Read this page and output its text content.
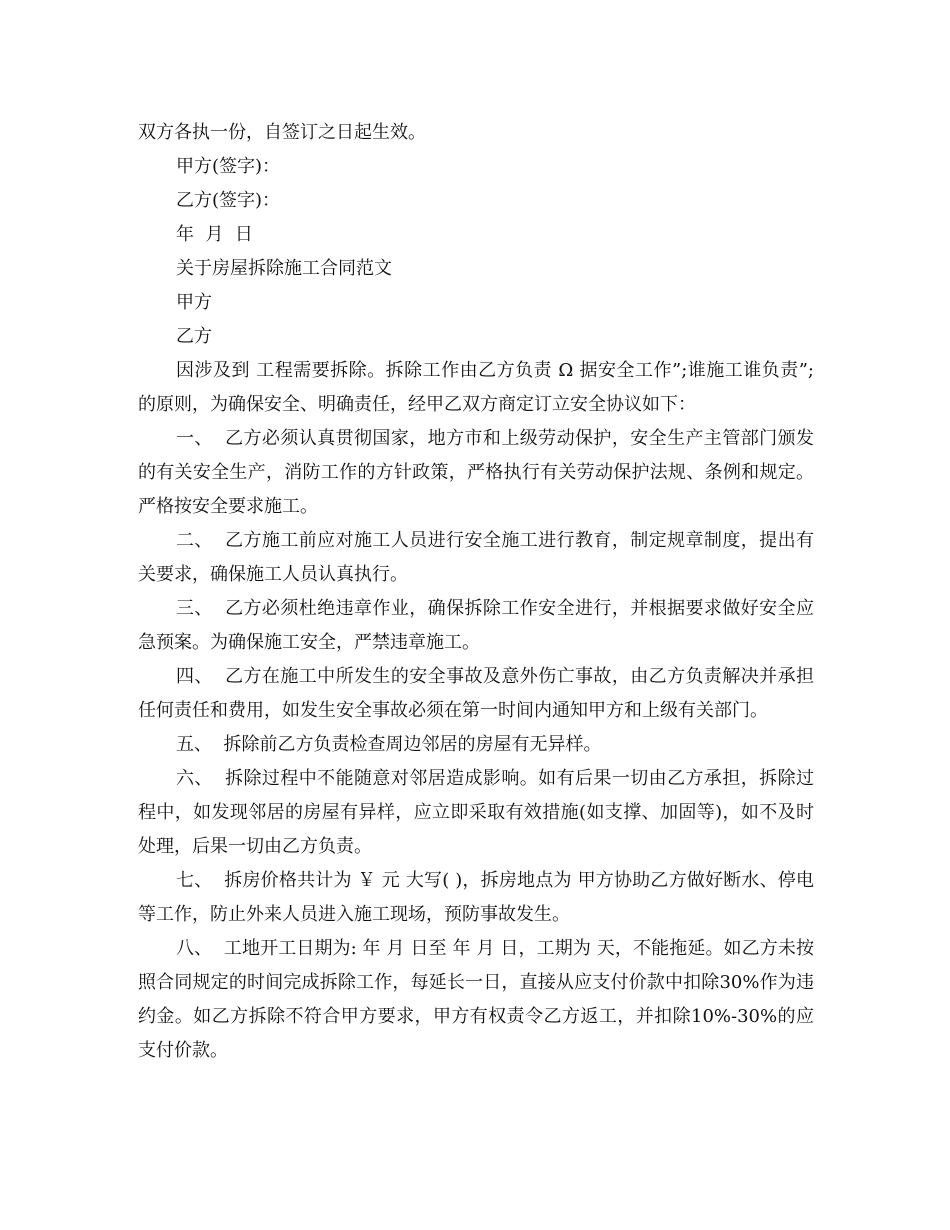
双方各执一份，自签订之日起生效。

甲方(签字)：

乙方(签字)：

年  月  日

关于房屋拆除施工合同范文

甲方

乙方

因涉及到 工程需要拆除。拆除工作由乙方负责 Ω 据安全工作”;谁施工谁负责”;的原则，为确保安全、明确责任，经甲乙双方商定订立安全协议如下：

一、  乙方必须认真贯彻国家，地方市和上级劳动保护，安全生产主管部门颁发的有关安全生产，消防工作的方针政策，严格执行有关劳动保护法规、条例和规定。严格按安全要求施工。

二、  乙方施工前应对施工人员进行安全施工进行教育，制定规章制度，提出有关要求，确保施工人员认真执行。

三、  乙方必须杜绝违章作业，确保拆除工作安全进行，并根据要求做好安全应急预案。为确保施工安全，严禁违章施工。

四、  乙方在施工中所发生的安全事故及意外伤亡事故，由乙方负责解决并承担任何责任和费用，如发生安全事故必须在第一时间内通知甲方和上级有关部门。

五、  拆除前乙方负责检查周边邻居的房屋有无异样。

六、  拆除过程中不能随意对邻居造成影响。如有后果一切由乙方承担，拆除过程中，如发现邻居的房屋有异样，应立即采取有效措施(如支撑、加固等)，如不及时处理，后果一切由乙方负责。

七、  拆房价格共计为 ￥ 元 大写( )，拆房地点为 甲方协助乙方做好断水、停电等工作，防止外来人员进入施工现场，预防事故发生。

八、  工地开工日期为: 年 月 日至 年 月 日，工期为 天，不能拖延。如乙方未按照合同规定的时间完成拆除工作，每延长一日，直接从应支付价款中扣除30%作为违约金。如乙方拆除不符合甲方要求，甲方有权责令乙方返工，并扣除10%-30%的应支付价款。
